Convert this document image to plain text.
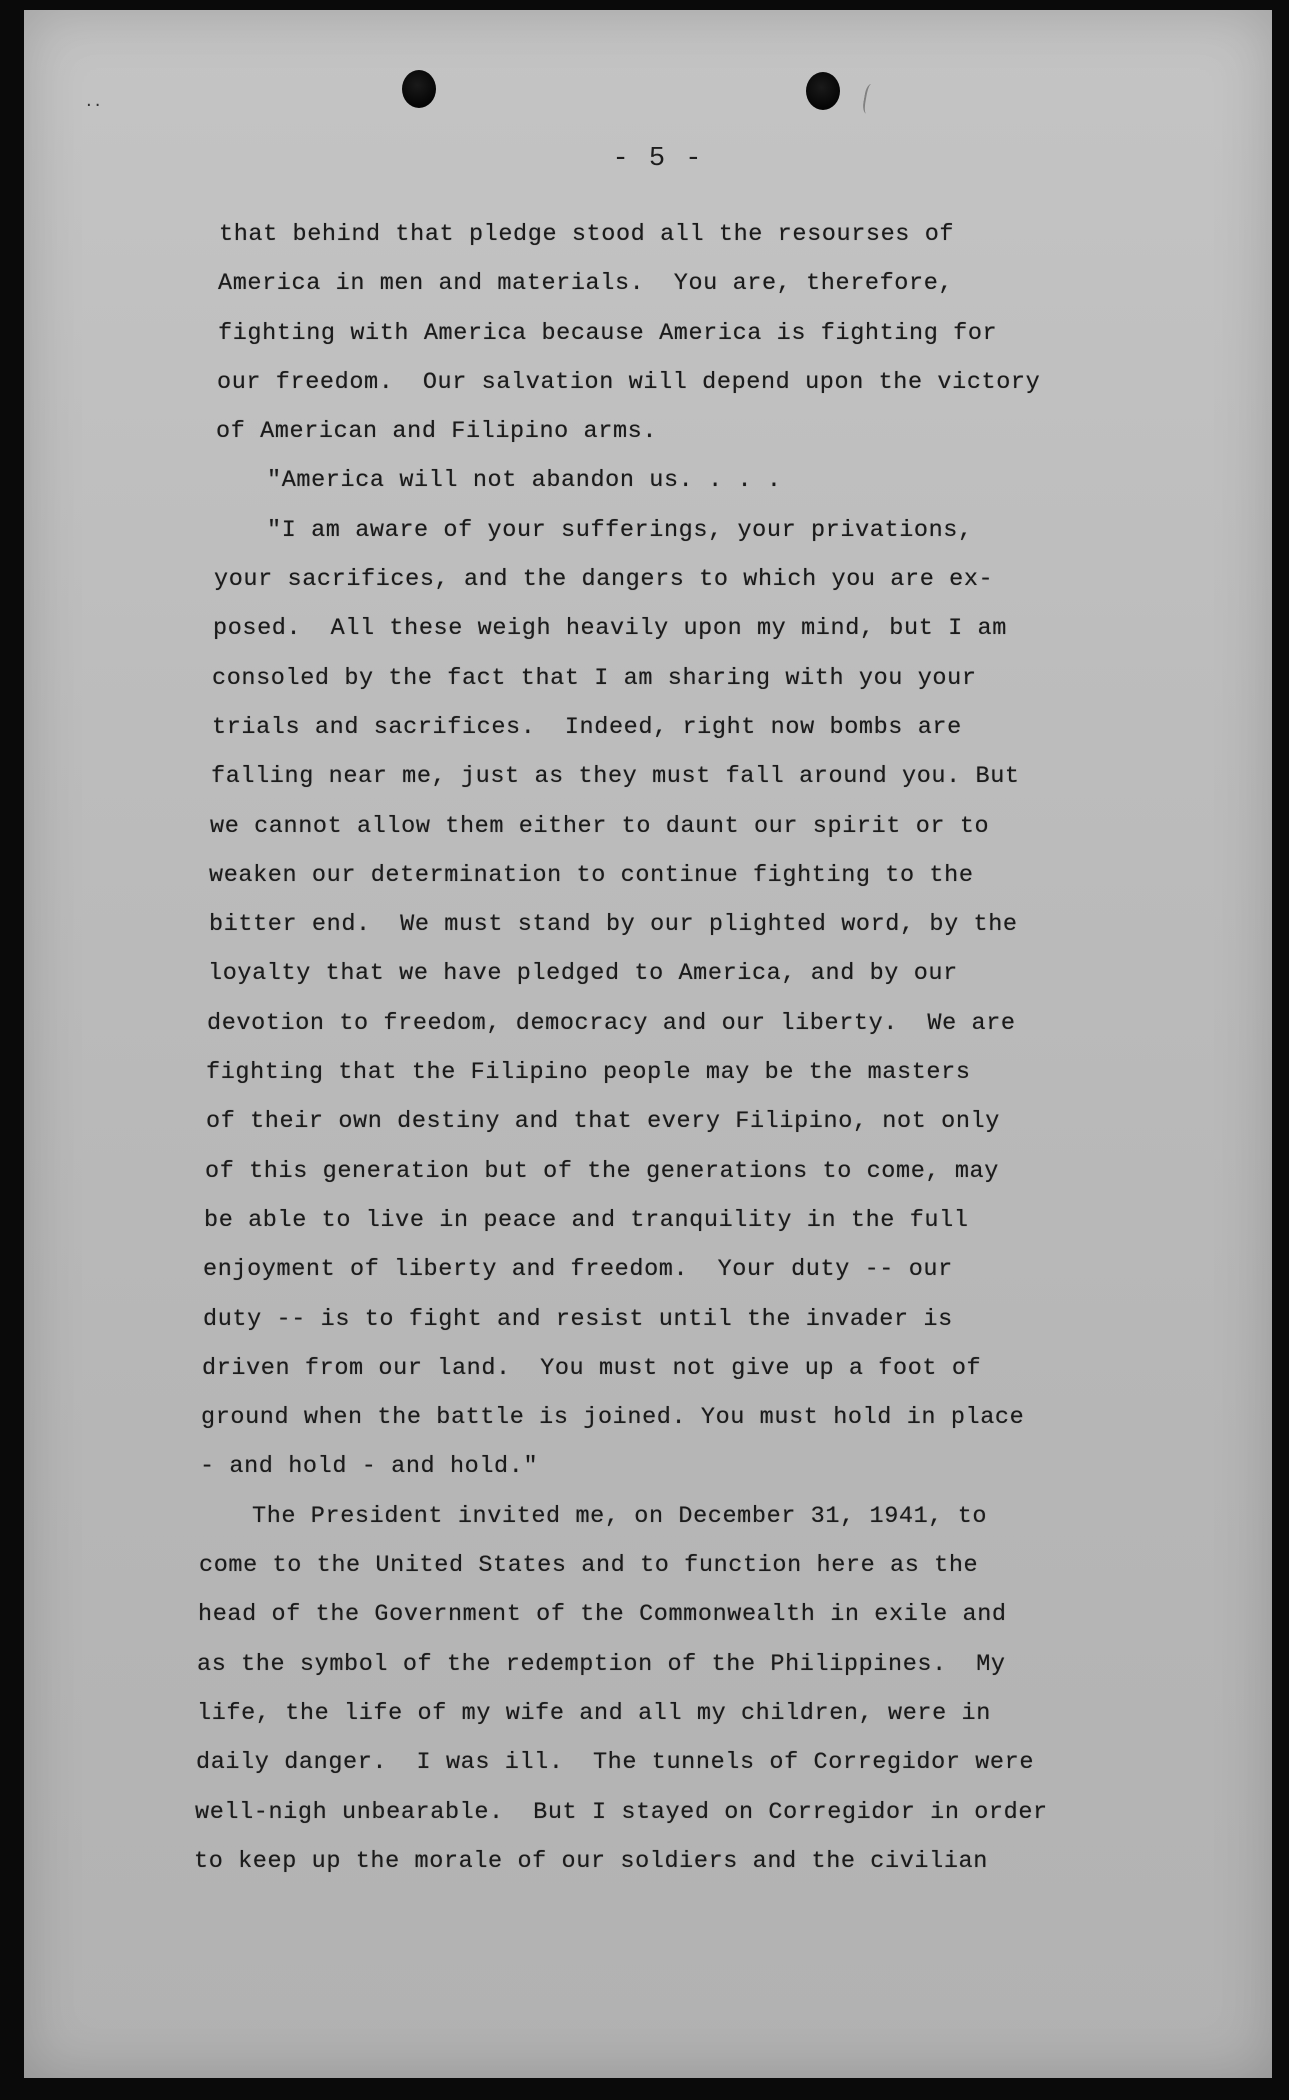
..
- 5 -
that behind that pledge stood all the resourses of
America in men and materials.  You are, therefore,
fighting with America because America is fighting for
our freedom.  Our salvation will depend upon the victory
of American and Filipino arms.
"America will not abandon us. . . .
"I am aware of your sufferings, your privations,
your sacrifices, and the dangers to which you are ex-
posed.  All these weigh heavily upon my mind, but I am
consoled by the fact that I am sharing with you your
trials and sacrifices.  Indeed, right now bombs are
falling near me, just as they must fall around you. But
we cannot allow them either to daunt our spirit or to
weaken our determination to continue fighting to the
bitter end.  We must stand by our plighted word, by the
loyalty that we have pledged to America, and by our
devotion to freedom, democracy and our liberty.  We are
fighting that the Filipino people may be the masters
of their own destiny and that every Filipino, not only
of this generation but of the generations to come, may
be able to live in peace and tranquility in the full
enjoyment of liberty and freedom.  Your duty -- our
duty -- is to fight and resist until the invader is
driven from our land.  You must not give up a foot of
ground when the battle is joined. You must hold in place
- and hold - and hold."
The President invited me, on December 31, 1941, to
come to the United States and to function here as the
head of the Government of the Commonwealth in exile and
as the symbol of the redemption of the Philippines.  My
life, the life of my wife and all my children, were in
daily danger.  I was ill.  The tunnels of Corregidor were
well-nigh unbearable.  But I stayed on Corregidor in order
to keep up the morale of our soldiers and the civilian
